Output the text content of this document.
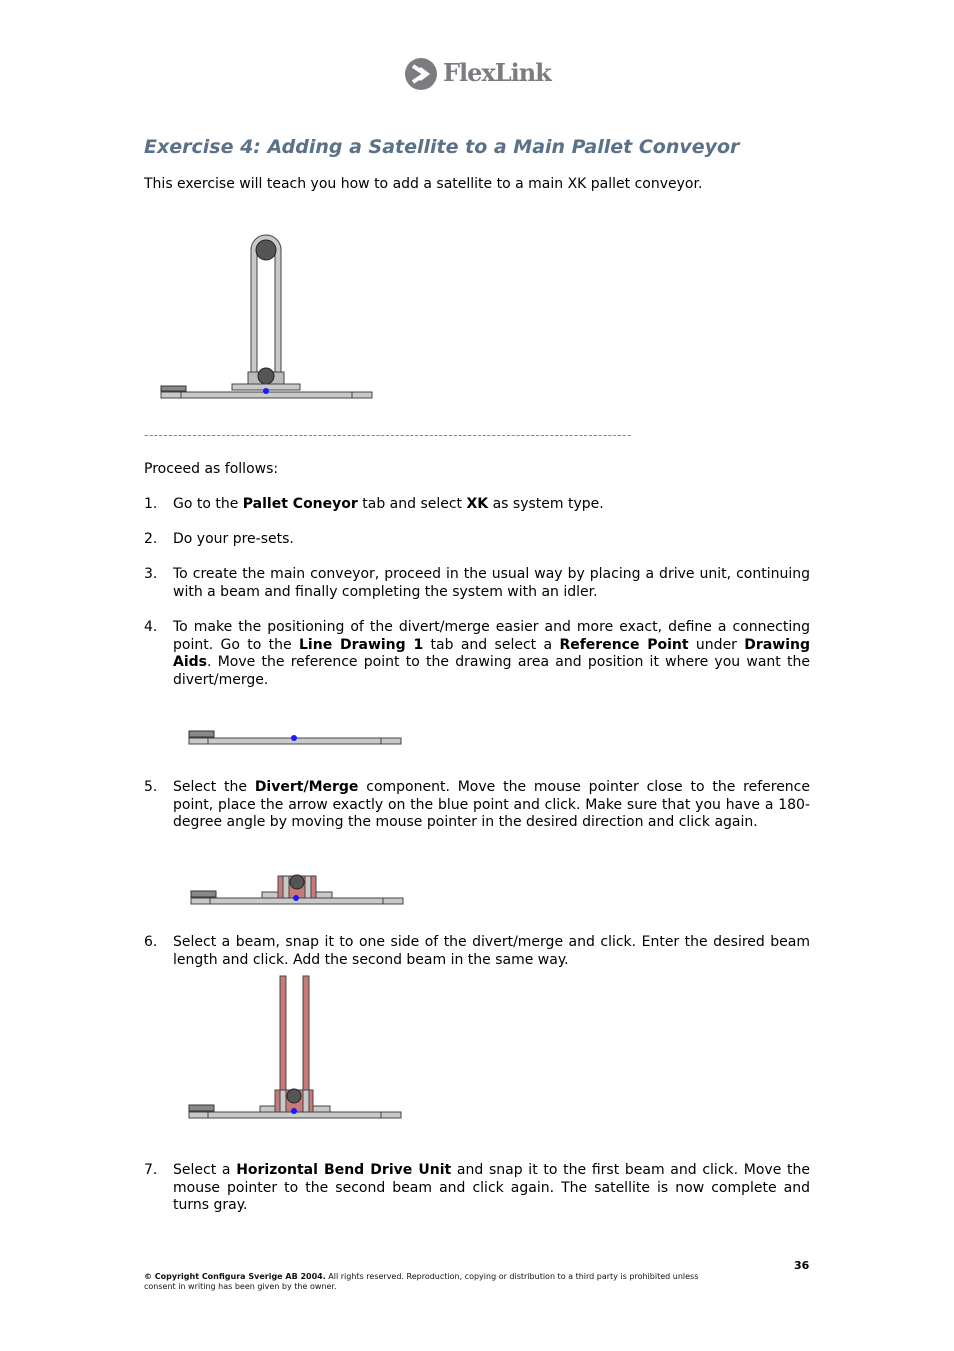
FlexLink
Exercise 4: Adding a Satellite to a Main Pallet Conveyor
This exercise will teach you how to add a satellite to a main XK pallet conveyor.
-----------------------------------------------------------------------------------------------------
Proceed as follows:
1. Go to the Pallet Coneyor tab and select XK as system type.
2. Do your pre-sets.
3. To create the main conveyor, proceed in the usual way by placing a drive unit, continuing with a beam and finally completing the system with an idler.
4. To make the positioning of the divert/merge easier and more exact, define a connecting point. Go to the Line Drawing 1 tab and select a Reference Point under Drawing Aids. Move the reference point to the drawing area and position it where you want the divert/merge.
5. Select the Divert/Merge component. Move the mouse pointer close to the reference point, place the arrow exactly on the blue point and click. Make sure that you have a 180-degree angle by moving the mouse pointer in the desired direction and click again.
6. Select a beam, snap it to one side of the divert/merge and click. Enter the desired beam length and click. Add the second beam in the same way.
7. Select a Horizontal Bend Drive Unit and snap it to the first beam and click. Move the mouse pointer to the second beam and click again. The satellite is now complete and turns gray.
36
© Copyright Configura Sverige AB 2004. All rights reserved. Reproduction, copying or distribution to a third party is prohibited unless
consent in writing has been given by the owner.
